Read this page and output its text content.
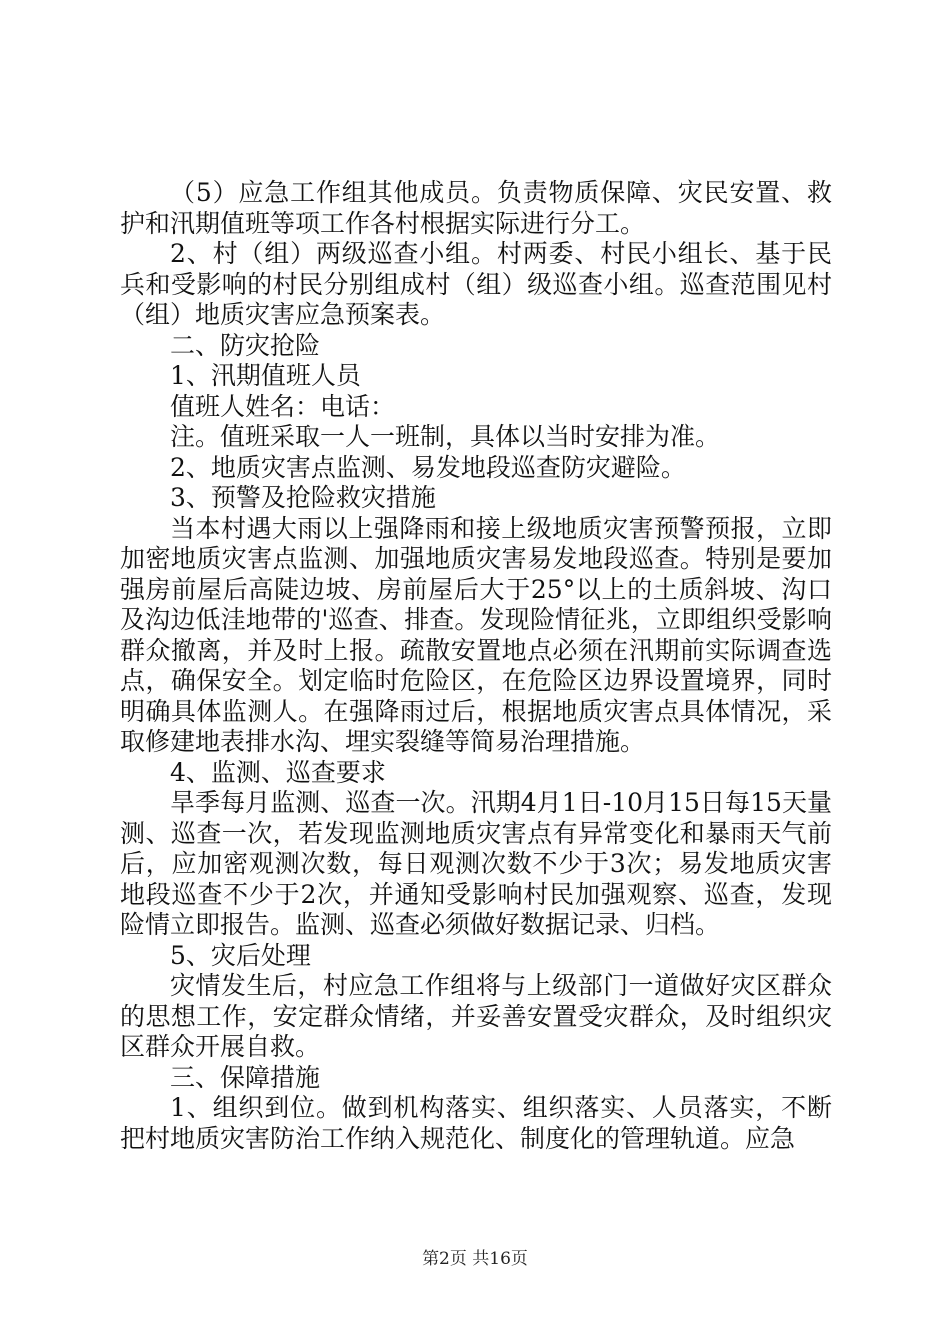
（5）应急工作组其他成员。负责物质保障、灾民安置、救护和汛期值班等项工作各村根据实际进行分工。

2、村（组）两级巡查小组。村两委、村民小组长、基于民兵和受影响的村民分别组成村（组）级巡查小组。巡查范围见村（组）地质灾害应急预案表。

二、防灾抢险

1、汛期值班人员

值班人姓名：电话：

注。值班采取一人一班制，具体以当时安排为准。

2、地质灾害点监测、易发地段巡查防灾避险。

3、预警及抢险救灾措施

当本村遇大雨以上强降雨和接上级地质灾害预警预报，立即加密地质灾害点监测、加强地质灾害易发地段巡查。特别是要加强房前屋后高陡边坡、房前屋后大于25°以上的土质斜坡、沟口及沟边低洼地带的'巡查、排查。发现险情征兆，立即组织受影响群众撤离，并及时上报。疏散安置地点必须在汛期前实际调查选点，确保安全。划定临时危险区，在危险区边界设置境界，同时明确具体监测人。在强降雨过后，根据地质灾害点具体情况，采取修建地表排水沟、埋实裂缝等简易治理措施。

4、监测、巡查要求

旱季每月监测、巡查一次。汛期4月1日-10月15日每15天量测、巡查一次，若发现监测地质灾害点有异常变化和暴雨天气前后，应加密观测次数，每日观测次数不少于3次；易发地质灾害地段巡查不少于2次，并通知受影响村民加强观察、巡查，发现险情立即报告。监测、巡查必须做好数据记录、归档。

5、灾后处理

灾情发生后，村应急工作组将与上级部门一道做好灾区群众的思想工作，安定群众情绪，并妥善安置受灾群众，及时组织灾区群众开展自救。

三、保障措施

1、组织到位。做到机构落实、组织落实、人员落实，不断把村地质灾害防治工作纳入规范化、制度化的管理轨道。应急

第2页 共16页
